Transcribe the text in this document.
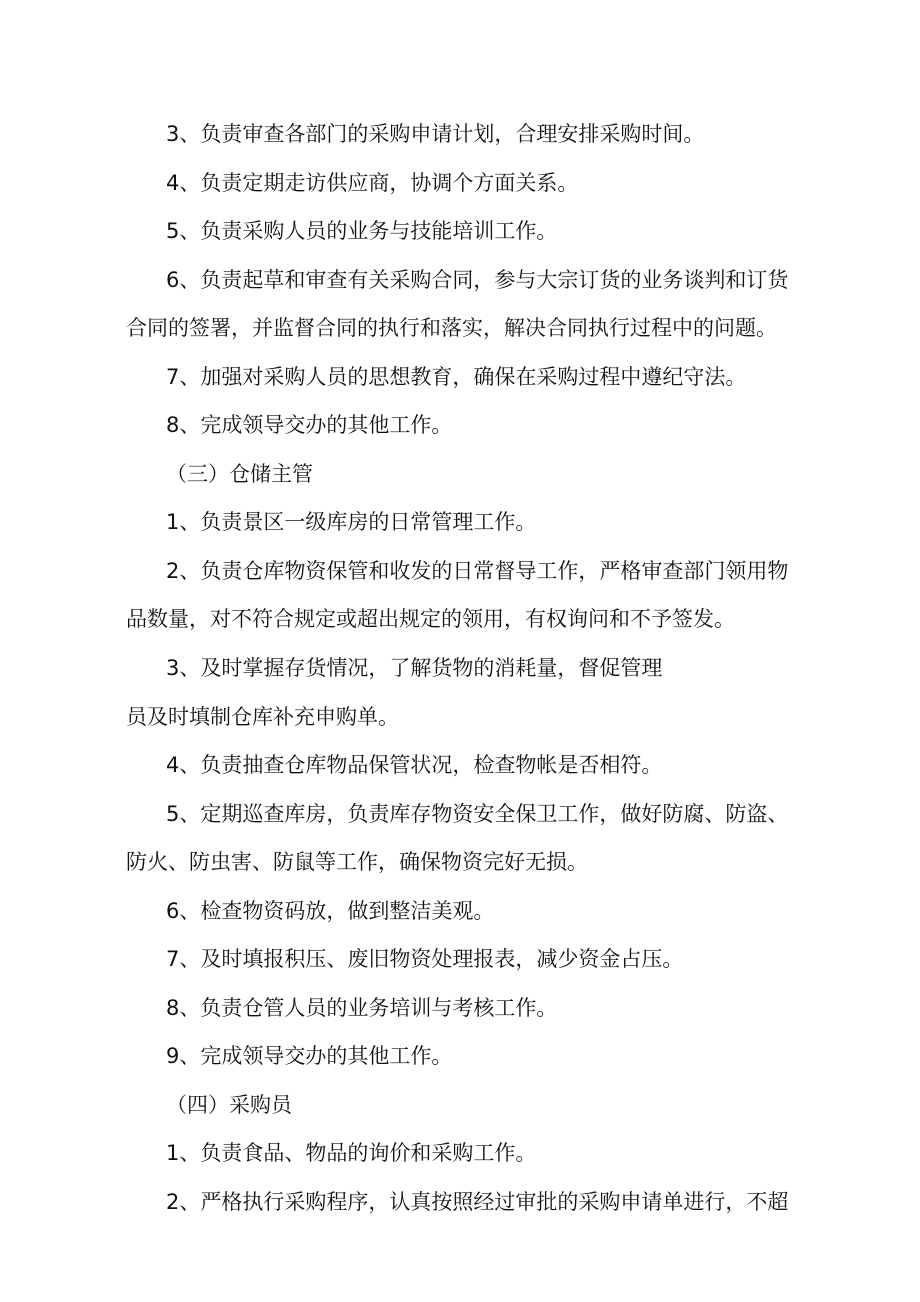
3、负责审查各部门的采购申请计划，合理安排采购时间。
4、负责定期走访供应商，协调个方面关系。
5、负责采购人员的业务与技能培训工作。
6、负责起草和审查有关采购合同，参与大宗订货的业务谈判和订货
合同的签署，并监督合同的执行和落实，解决合同执行过程中的问题。
7、加强对采购人员的思想教育，确保在采购过程中遵纪守法。
8、完成领导交办的其他工作。
（三）仓储主管
1、负责景区一级库房的日常管理工作。
2、负责仓库物资保管和收发的日常督导工作，严格审查部门领用物
品数量，对不符合规定或超出规定的领用，有权询问和不予签发。
3、及时掌握存货情况，了解货物的消耗量，督促管理
员及时填制仓库补充申购单。
4、负责抽查仓库物品保管状况，检查物帐是否相符。
5、定期巡查库房，负责库存物资安全保卫工作，做好防腐、防盗、
防火、防虫害、防鼠等工作，确保物资完好无损。
6、检查物资码放，做到整洁美观。
7、及时填报积压、废旧物资处理报表，减少资金占压。
8、负责仓管人员的业务培训与考核工作。
9、完成领导交办的其他工作。
（四）采购员
1、负责食品、物品的询价和采购工作。
2、严格执行采购程序，认真按照经过审批的采购申请单进行，不超
